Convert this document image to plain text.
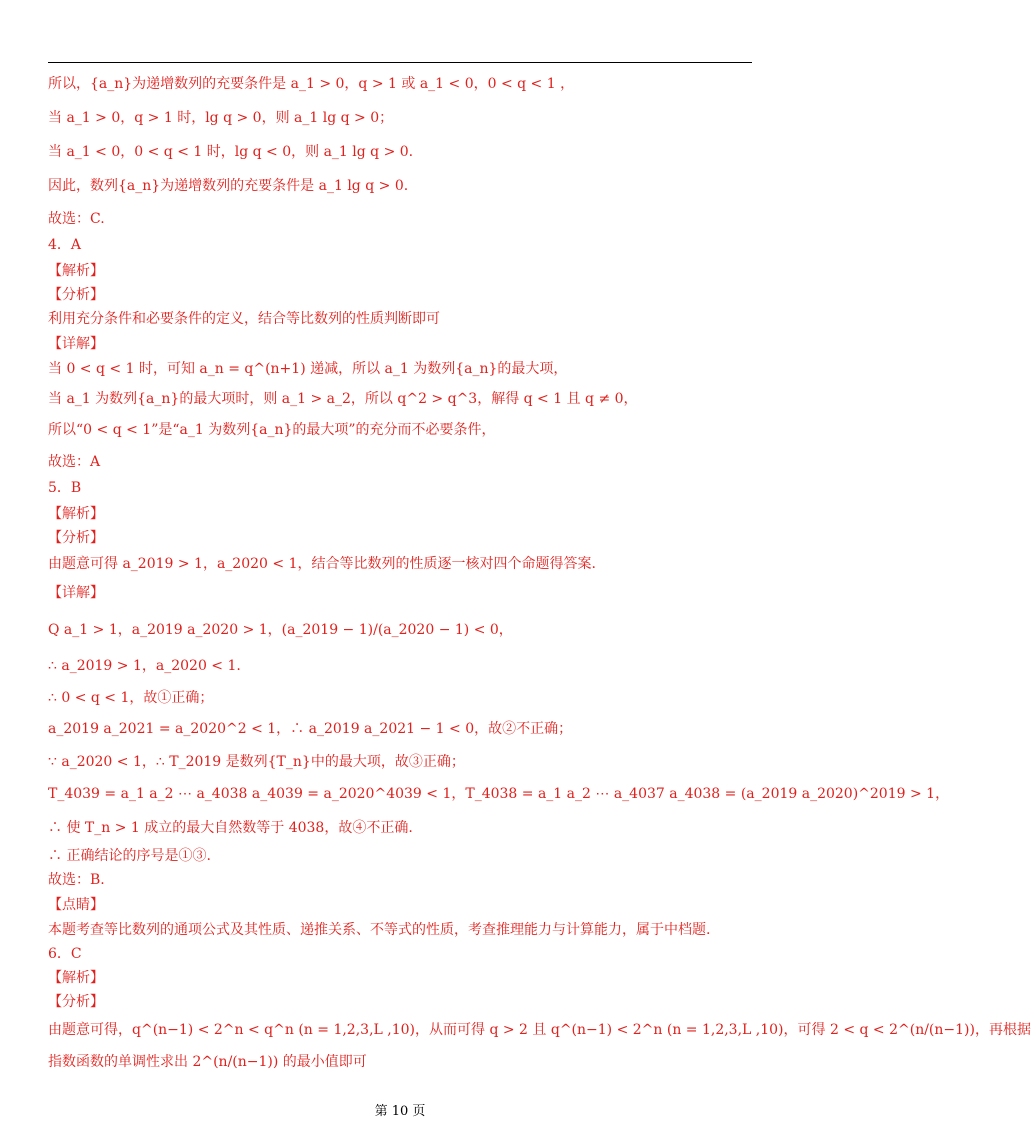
所以，{a_n}为递增数列的充要条件是 a_1 > 0，q > 1 或 a_1 < 0，0 < q < 1 ，
当 a_1 > 0，q > 1 时，lg q > 0，则 a_1 lg q > 0；
当 a_1 < 0，0 < q < 1 时，lg q < 0，则 a_1 lg q > 0.
因此，数列{a_n}为递增数列的充要条件是 a_1 lg q > 0.
故选：C.
4．A
【解析】
【分析】
利用充分条件和必要条件的定义，结合等比数列的性质判断即可
【详解】
当 0 < q < 1 时，可知 a_n = q^(n+1) 递减，所以 a_1 为数列{a_n}的最大项，
当 a_1 为数列{a_n}的最大项时，则 a_1 > a_2，所以 q^2 > q^3，解得 q < 1 且 q ≠ 0，
所以“0 < q < 1”是“a_1 为数列{a_n}的最大项”的充分而不必要条件，
故选：A
5．B
【解析】
【分析】
由题意可得 a_2019 > 1，a_2020 < 1，结合等比数列的性质逐一核对四个命题得答案.
【详解】
Q a_1 > 1，a_2019 a_2020 > 1，(a_2019 − 1)/(a_2020 − 1) < 0，
∴ a_2019 > 1，a_2020 < 1.
∴ 0 < q < 1，故①正确；
a_2019 a_2021 = a_2020^2 < 1，∴ a_2019 a_2021 − 1 < 0，故②不正确；
∵ a_2020 < 1，∴ T_2019 是数列{T_n}中的最大项，故③正确；
T_4039 = a_1 a_2 ⋯ a_4038 a_4039 = a_2020^4039 < 1，T_4038 = a_1 a_2 ⋯ a_4037 a_4038 = (a_2019 a_2020)^2019 > 1，
∴ 使 T_n > 1 成立的最大自然数等于 4038，故④不正确.
∴ 正确结论的序号是①③.
故选：B.
【点睛】
本题考查等比数列的通项公式及其性质、递推关系、不等式的性质，考查推理能力与计算能力，属于中档题.
6．C
【解析】
【分析】
由题意可得，q^(n−1) < 2^n < q^n (n = 1,2,3,L ,10)，从而可得 q > 2 且 q^(n−1) < 2^n (n = 1,2,3,L ,10)，可得 2 < q < 2^(n/(n−1))，再根据
指数函数的单调性求出 2^(n/(n−1)) 的最小值即可
第 10 页
